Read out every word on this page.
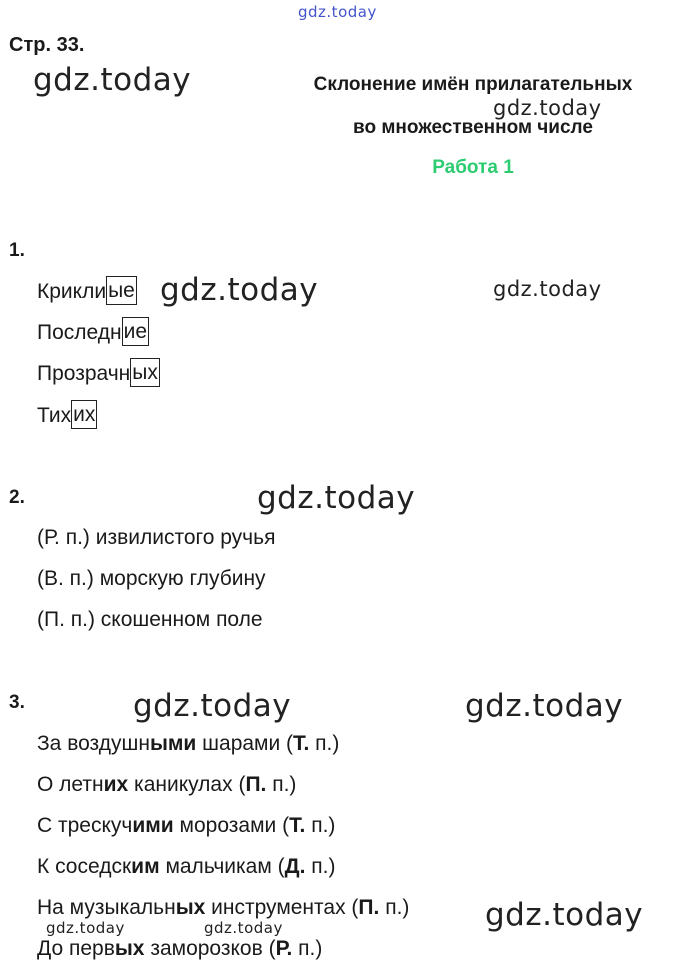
gdz.today
gdz.today
gdz.today
gdz.today	gdz.today
gdz.today
gdz.today	gdz.today
gdz.today
gdz.today	gdz.today
Стр. 33.
Склонение имён прилагательных
во множественном числе
Работа 1
1.
Криклиые
Последние
Прозрачных
Тихих
2.
(Р. п.) извилистого ручья
(В. п.) морскую глубину
(П. п.) скошенном поле
3.
За воздушными шарами (Т. п.)
О летних каникулах (П. п.)
С трескучими морозами (Т. п.)
К соседским мальчикам (Д. п.)
На музыкальных инструментах (П. п.)
До первых заморозков (Р. п.)
